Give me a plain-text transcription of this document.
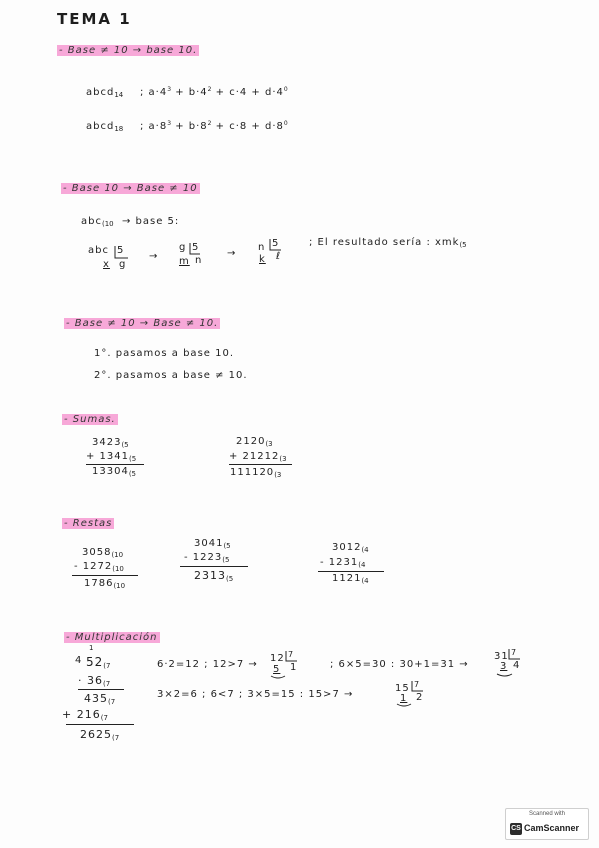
TEMA 1
- Base ≠ 10 → base 10.
abcd$_{14}$ ; $a\cdot 4^3 + b\cdot 4^2 + c\cdot 4 + d\cdot 4^0$
abcd$_{18}$ ; $a\cdot 8^3 + b\cdot 8^2 + c\cdot 8 + d\cdot 8^0$
- Base 10 → Base ≠ 10
abc$_{(10}$ → base 5:
abc 5
g
x
→
g 5
n
m
→
n 5
ℓ
k
; El resultado sería : xmk$_{(5}$
- Base ≠ 10 → Base ≠ 10.
1°. pasamos a base 10.
2°. pasamos a base ≠ 10.
- Sumas.
$3423_{(5}$
+ $1341_{(5}$
$13304_{(5}$
$2120_{(3}$
+ $21212_{(3}$
$111120_{(3}$
- Restas
$3058_{(10}$
- $1272_{(10}$
$1786_{(10}$
$3041_{(5}$
- $1223_{(5}$
$2313_{(5}$
$3012_{(4}$
- $1231_{(4}$
$1121_{(4}$
- Multiplicación
4
1
$52_{(7}$
· $36_{(7}$
$435_{(7}$
+ $216_{(7}$
$2625_{(7}$
6·2=12 ; 12>7 →
12 7
1
5	; 6×5=30 : 30+1=31 →
31 7
4
3
3×2=6 ; 6<7 ; 3×5=15 : 15>7 →
15 7
2
1
Scanned with
CS CamScanner
